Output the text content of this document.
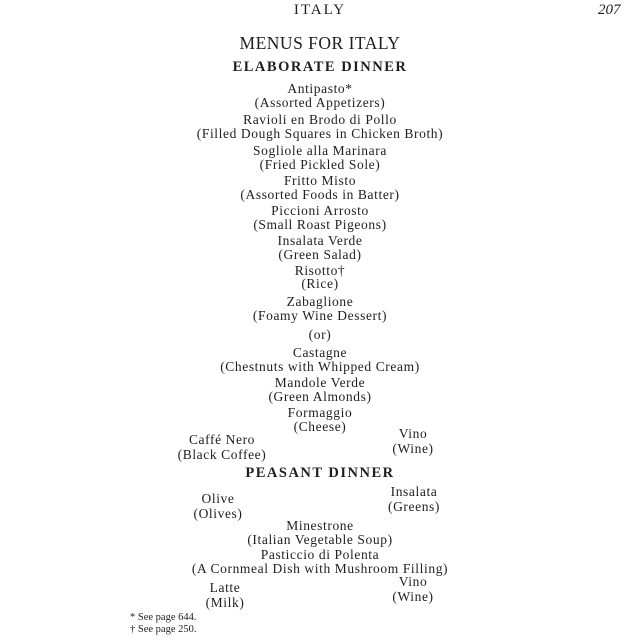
ITALY	207
MENUS FOR ITALY
ELABORATE DINNER
Antipasto*
(Assorted Appetizers)
Ravioli en Brodo di Pollo
(Filled Dough Squares in Chicken Broth)
Sogliole alla Marinara
(Fried Pickled Sole)
Fritto Misto
(Assorted Foods in Batter)
Piccioni Arrosto
(Small Roast Pigeons)
Insalata Verde
(Green Salad)
Risotto†
(Rice)
Zabaglione
(Foamy Wine Dessert)
(or)
Castagne
(Chestnuts with Whipped Cream)
Mandole Verde
(Green Almonds)
Formaggio
(Cheese)
Caffé Nero
(Black Coffee)
Vino
(Wine)
PEASANT DINNER
Olive
(Olives)
Insalata
(Greens)
Minestrone
(Italian Vegetable Soup)
Pasticcio di Polenta
(A Cornmeal Dish with Mushroom Filling)
Latte
(Milk)
Vino
(Wine)
* See page 644.
† See page 250.
